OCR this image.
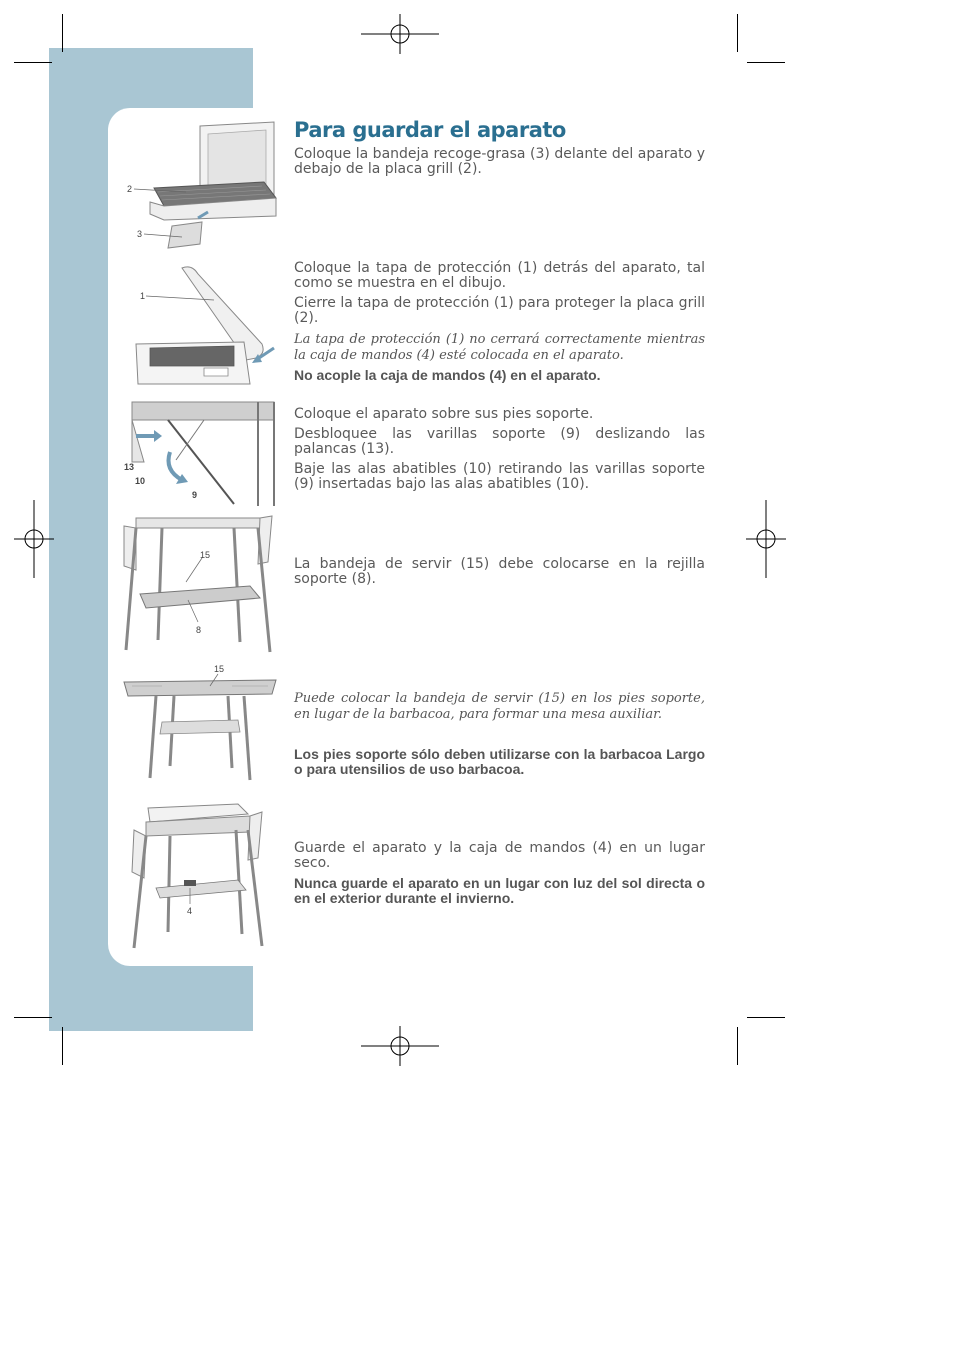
Para guardar el aparato

Coloque la bandeja recoge-grasa (3) delante del aparato y debajo de la placa grill (2).

Coloque la tapa de protección (1) detrás del aparato, tal como se muestra en el dibujo.

Cierre la tapa de protección (1) para proteger la placa grill (2).

La tapa de protección (1) no cerrará correctamente mientras la caja de mandos (4) esté colocada en el aparato.

No acople la caja de mandos (4) en el aparato.

Coloque el aparato sobre sus pies soporte.

Desbloquee las varillas soporte (9) deslizando las palancas (13).

Baje las alas abatibles (10) retirando las varillas soporte (9) insertadas bajo las alas abatibles (10).

La bandeja de servir (15) debe colocarse en la rejilla soporte (8).

Puede colocar la bandeja de servir (15) en los pies soporte, en lugar de la barbacoa, para formar una mesa auxiliar.

Los pies soporte sólo deben utilizarse con la barbacoa Largo o para utensilios de uso barbacoa.

Guarde el aparato y la caja de mandos (4) en un lugar seco.

Nunca guarde el aparato en un lugar con luz del sol directa o en el exterior durante el invierno.

2
3
1
13
10
9
15
8
15
4
